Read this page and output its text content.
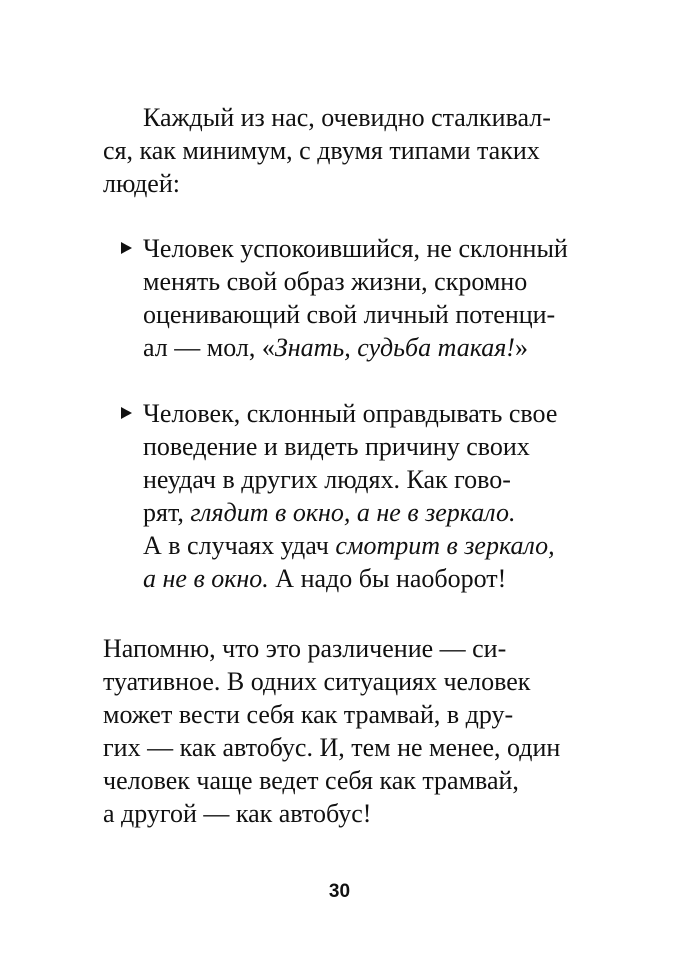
Каждый из нас, очевидно сталкивал-
ся, как минимум, с двумя типами таких
людей:
Человек успокоившийся, не склонный
менять свой образ жизни, скромно
оценивающий свой личный потенци-
ал — мол, «Знать, судьба такая!»
Человек, склонный оправдывать свое
поведение и видеть причину своих
неудач в других людях. Как гово-
рят, глядит в окно, а не в зеркало.
А в случаях удач смотрит в зеркало,
а не в окно. А надо бы наоборот!
Напомню, что это различение — си-
туативное. В одних ситуациях человек
может вести себя как трамвай, в дру-
гих — как автобус. И, тем не менее, один
человек чаще ведет себя как трамвай,
а другой — как автобус!
30
